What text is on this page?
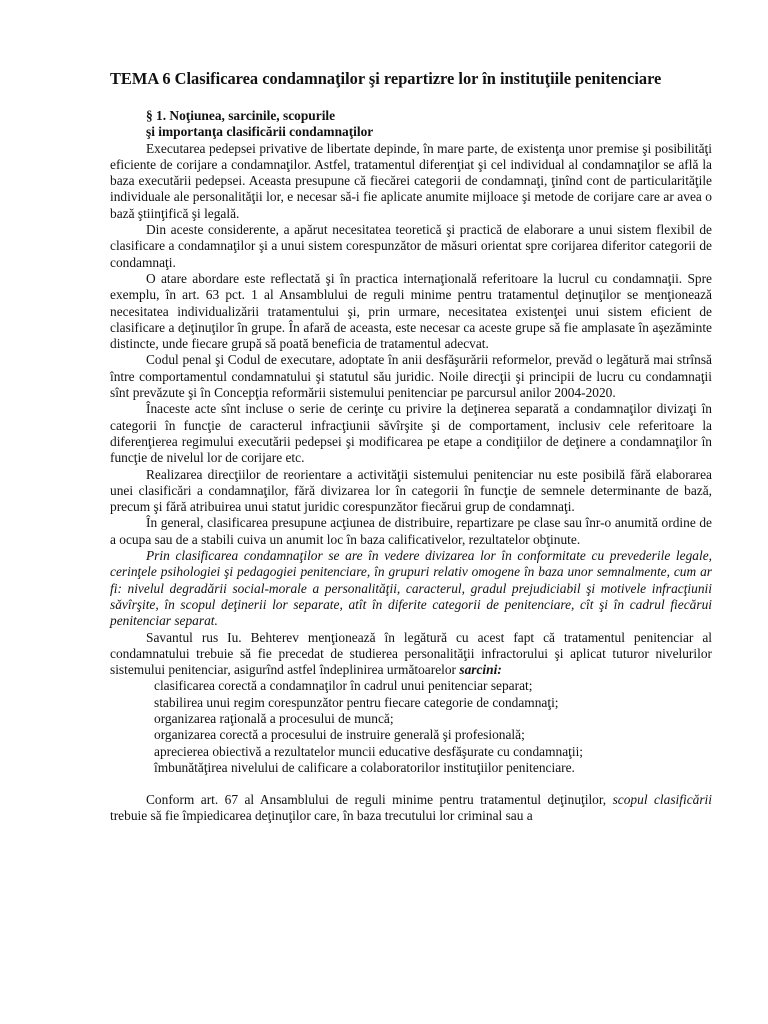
TEMA 6 Clasificarea condamnaţilor şi repartizre lor în instituţiile penitenciare
§ 1. Noţiunea, sarcinile, scopurile
şi importanţa clasificării condamnaţilor

Executarea pedepsei privative de libertate depinde, în mare parte, de existenţa unor premise şi posibilităţi eficiente de corijare a condamnaţilor. Astfel, tratamentul diferenţiat şi cel individual al condamnaţilor se află la baza executării pedepsei. Aceasta presupune că fiecărei categorii de condamnaţi, ţinînd cont de particularităţile individuale ale personalităţii lor, e necesar să-i fie aplicate anumite mijloace şi metode de corijare care ar avea o bază ştiinţifică şi legală.

Din aceste considerente, a apărut necesitatea teoretică şi practică de elaborare a unui sistem flexibil de clasificare a condamnaţilor şi a unui sistem corespunzător de măsuri orientat spre corijarea diferitor categorii de condamnaţi.

O atare abordare este reflectată şi în practica internaţională referitoare la lucrul cu condamnaţii. Spre exemplu, în art. 63 pct. 1 al Ansamblului de reguli minime pentru tratamentul deţinuţilor se menţionează necesitatea individualizării tratamentului şi, prin urmare, necesitatea existenţei unui sistem eficient de clasificare a deţinuţilor în grupe. În afară de aceasta, este necesar ca aceste grupe să fie amplasate în aşezăminte distincte, unde fiecare grupă să poată beneficia de tratamentul adecvat.

Codul penal şi Codul de executare, adoptate în anii desfăşurării reformelor, prevăd o legătură mai strînsă între comportamentul condamnatului şi statutul său juridic. Noile direcţii şi principii de lucru cu condamnaţii sînt prevăzute şi în Concepţia reformării sistemului penitenciar pe parcursul anilor 2004-2020.

Înaceste acte sînt incluse o serie de cerinţe cu privire la deţinerea separată a condamnaţilor divizaţi în categorii în funcţie de caracterul infracţiunii săvîrşite şi de comportament, inclusiv cele referitoare la diferenţierea regimului executării pedepsei şi modificarea pe etape a condiţiilor de deţinere a condamnaţilor în funcţie de nivelul lor de corijare etc.

Realizarea direcţiilor de reorientare a activităţii sistemului penitenciar nu este posibilă fără elaborarea unei clasificări a condamnaţilor, fără divizarea lor în categorii în funcţie de semnele determinante de bază, precum şi fără atribuirea unui statut juridic corespunzător fiecărui grup de condamnaţi.

În general, clasificarea presupune acţiunea de distribuire, repartizare pe clase sau înr-o anumită ordine de a ocupa sau de a stabili cuiva un anumit loc în baza calificativelor, rezultatelor obţinute.

Prin clasificarea condamnaţilor se are în vedere divizarea lor în conformitate cu prevederile legale, cerinţele psihologiei şi pedagogiei penitenciare, în grupuri relativ omogene în baza unor semnalmente, cum ar fi: nivelul degradării social-morale a personalităţii, caracterul, gradul prejudiciabil şi motivele infracţiunii săvîrşite, în scopul deţinerii lor separate, atît în diferite categorii de penitenciare, cît şi în cadrul fiecărui penitenciar separat.

Savantul rus Iu. Behterev menţionează în legătură cu acest fapt că tratamentul penitenciar al condamnatului trebuie să fie precedat de studierea personalităţii infractorului şi aplicat tuturor nivelurilor sistemului penitenciar, asigurînd astfel îndeplinirea următoarelor sarcini:

clasificarea corectă a condamnaţilor în cadrul unui penitenciar separat;
stabilirea unui regim corespunzător pentru fiecare categorie de condamnaţi;
organizarea raţională a procesului de muncă;
organizarea corectă a procesului de instruire generală şi profesională;
aprecierea obiectivă a rezultatelor muncii educative desfăşurate cu condamnaţii;
îmbunătăţirea nivelului de calificare a colaboratorilor instituţiilor penitenciare.

Conform art. 67 al Ansamblului de reguli minime pentru tratamentul deţinuţilor, scopul clasificării trebuie să fie împiedicarea deţinuţilor care, în baza trecutului lor criminal sau a
